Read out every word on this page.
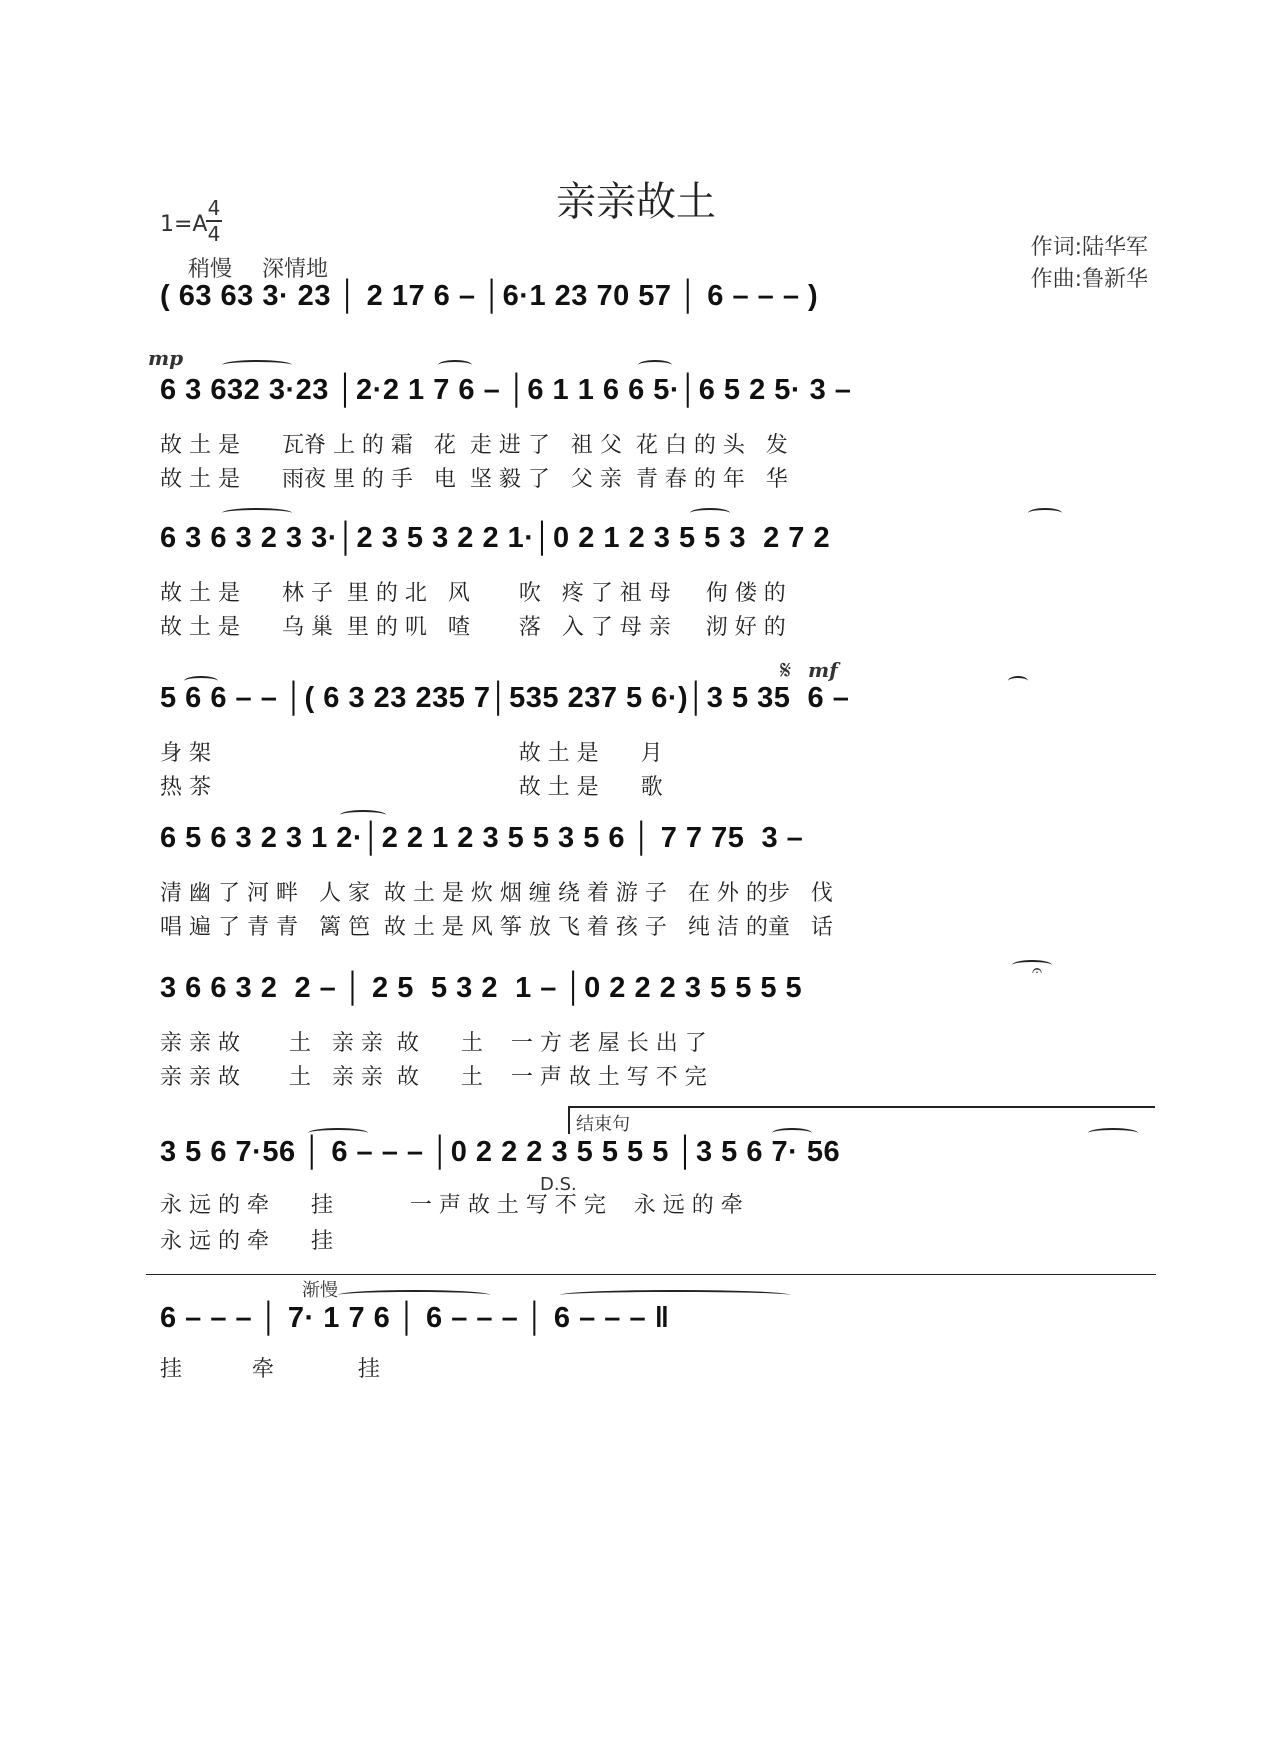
亲亲故土
1=A
4
4
稍慢 深情地
作词:陆华军
作曲:鲁新华
( 63 63 3· 23 │ 2 17 6 – │6·1 23 70 57 │ 6 – – – )
mp
6 3 632 3·23 │2·2 1 7 6 – │6 1 1 6 6 5·│6 5 2 5· 3 –
故 土 是      瓦脊 上 的 霜   花  走 进 了   祖 父  花 白 的 头   发
故 土 是      雨夜 里 的 手   电  坚 毅 了   父 亲  青 春 的 年   华
6 3 6 3 2 3 3·│2 3 5 3 2 2 1·│0 2 1 2 3 5 5 3  2 7 2
故 土 是      林 子  里 的 北   风       吹   疼 了 祖 母     佝 偻 的
故 土 是      乌 巢  里 的 叽   喳       落   入 了 母 亲     沏 好 的
𝄋 mf
5 6 6 – – │( 6 3 23 235 7│535 237 5 6·)│3 5 35  6 –
身 架                                            故 土 是      月
热 茶                                            故 土 是      歌
6 5 6 3 2 3 1 2·│2 2 1 2 3 5 5 3 5 6 │ 7 7 75  3 –
清 幽 了 河 畔   人 家  故 土 是 炊 烟 缠 绕 着 游 子   在 外 的步   伐
唱 遍 了 青 青   篱 笆  故 土 是 风 筝 放 飞 着 孩 子   纯 洁 的童   话
𝄐
3 6 6 3 2  2 – │ 2 5  5 3 2  1 – │0 2 2 2 3 5 5 5 5
亲 亲 故       土   亲 亲  故      土    一 方 老 屋 长 出 了
亲 亲 故       土   亲 亲  故      土    一 声 故 土 写 不 完
结束句
3 5 6 7·56 │ 6 – – – │0 2 2 2 3 5 5 5 5 │3 5 6 7· 56
D.S.
永 远 的 牵      挂           一 声 故 土 写 不 完    永 远 的 牵
永 远 的 牵      挂
渐慢
6 – – – │ 7· 1 7 6 │ 6 – – – │ 6 – – – ‖
挂          牵            挂
